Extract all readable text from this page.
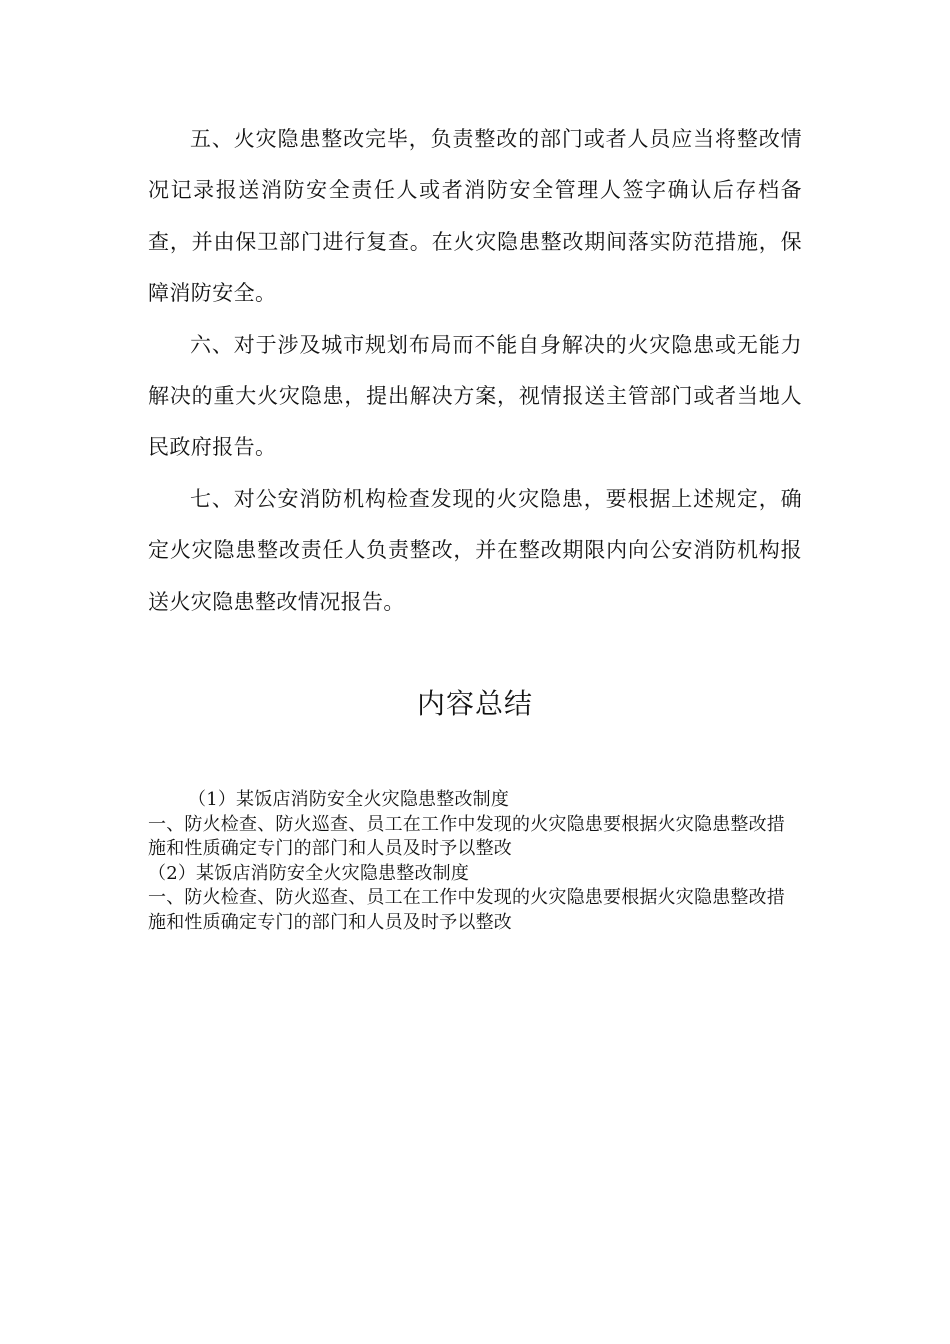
五、火灾隐患整改完毕，负责整改的部门或者人员应当将整改情况记录报送消防安全责任人或者消防安全管理人签字确认后存档备查，并由保卫部门进行复查。在火灾隐患整改期间落实防范措施，保障消防安全。

六、对于涉及城市规划布局而不能自身解决的火灾隐患或无能力解决的重大火灾隐患，提出解决方案，视情报送主管部门或者当地人民政府报告。

七、对公安消防机构检查发现的火灾隐患，要根据上述规定，确定火灾隐患整改责任人负责整改，并在整改期限内向公安消防机构报送火灾隐患整改情况报告。

内容总结

（1）某饭店消防安全火灾隐患整改制度

一、防火检查、防火巡查、员工在工作中发现的火灾隐患要根据火灾隐患整改措施和性质确定专门的部门和人员及时予以整改

（2）某饭店消防安全火灾隐患整改制度

一、防火检查、防火巡查、员工在工作中发现的火灾隐患要根据火灾隐患整改措施和性质确定专门的部门和人员及时予以整改
